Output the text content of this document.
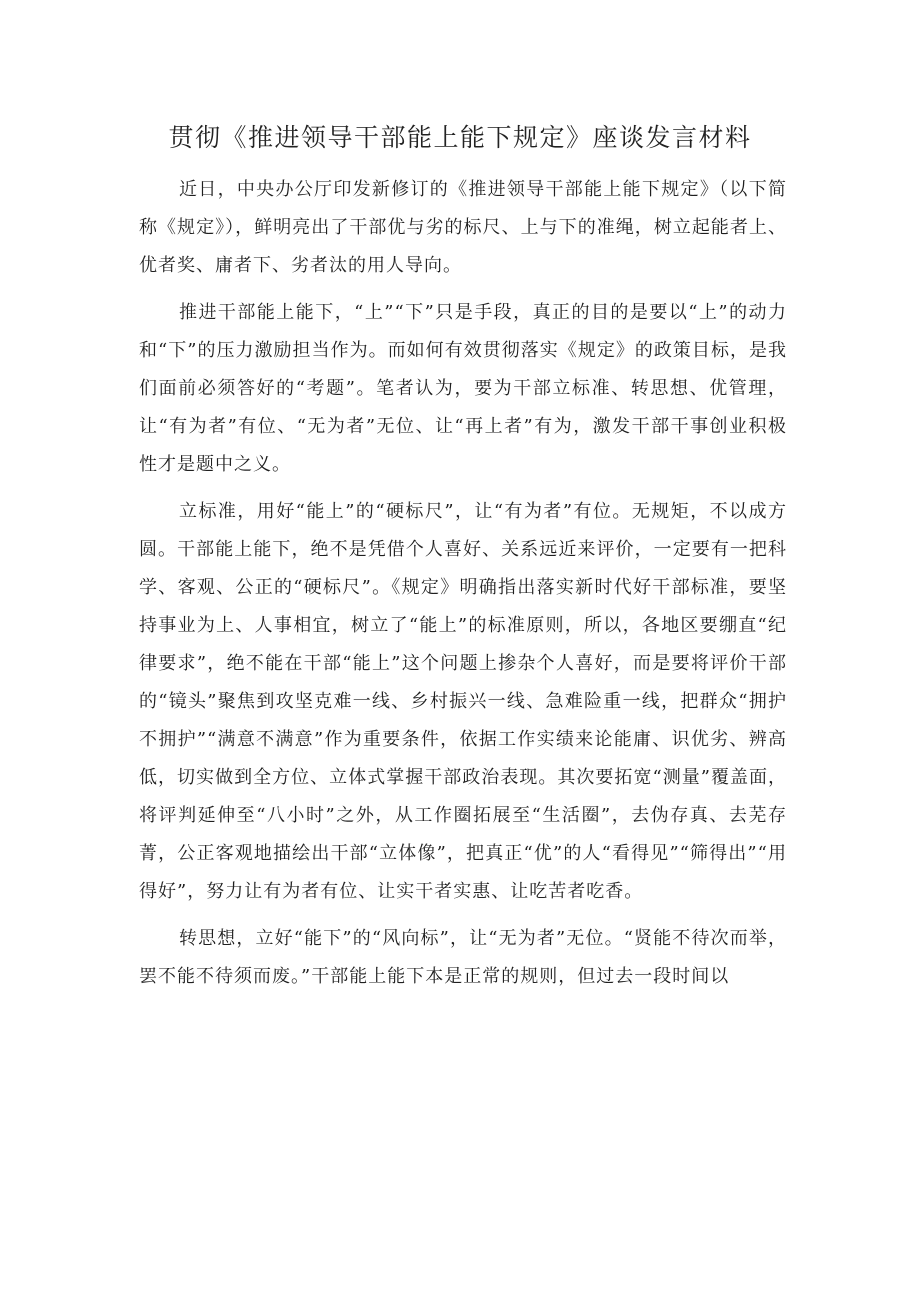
贯彻《推进领导干部能上能下规定》座谈发言材料

近日，中央办公厅印发新修订的《推进领导干部能上能下规定》（以下简称《规定》），鲜明亮出了干部优与劣的标尺、上与下的准绳，树立起能者上、优者奖、庸者下、劣者汰的用人导向。

推进干部能上能下，“上”“下”只是手段，真正的目的是要以“上”的动力和“下”的压力激励担当作为。而如何有效贯彻落实《规定》的政策目标，是我们面前必须答好的“考题”。笔者认为，要为干部立标准、转思想、优管理，让“有为者”有位、“无为者”无位、让“再上者”有为，激发干部干事创业积极性才是题中之义。

立标准，用好“能上”的“硬标尺”，让“有为者”有位。无规矩，不以成方圆。干部能上能下，绝不是凭借个人喜好、关系远近来评价，一定要有一把科学、客观、公正的“硬标尺”。《规定》明确指出落实新时代好干部标准，要坚持事业为上、人事相宜，树立了“能上”的标准原则，所以，各地区要绷直“纪律要求”，绝不能在干部“能上”这个问题上掺杂个人喜好，而是要将评价干部的“镜头”聚焦到攻坚克难一线、乡村振兴一线、急难险重一线，把群众“拥护不拥护”“满意不满意”作为重要条件，依据工作实绩来论能庸、识优劣、辨高低，切实做到全方位、立体式掌握干部政治表现。其次要拓宽“测量”覆盖面，将评判延伸至“八小时”之外，从工作圈拓展至“生活圈”，去伪存真、去芜存菁，公正客观地描绘出干部“立体像”，把真正“优”的人“看得见”“筛得出”“用得好”，努力让有为者有位、让实干者实惠、让吃苦者吃香。

转思想，立好“能下”的“风向标”，让“无为者”无位。“贤能不待次而举，罢不能不待须而废。”干部能上能下本是正常的规则，但过去一段时间以
